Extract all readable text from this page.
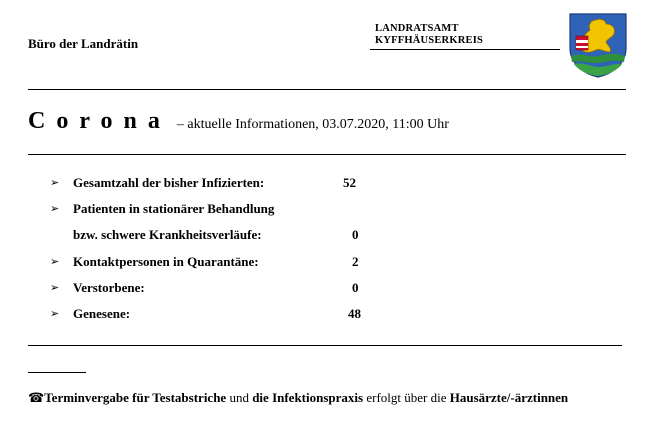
Büro der Landrätin
LANDRATSAMT
KYFFHÄUSERKREIS
Corona – aktuelle Informationen, 03.07.2020, 11:00 Uhr
➢ Gesamtzahl der bisher Infizierten:	52
➢ Patienten in stationärer Behandlung
bzw. schwere Krankheitsverläufe:	0
➢ Kontaktpersonen in Quarantäne:	2
➢ Verstorbene:	0
➢ Genesene:	48
☎Terminvergabe für Testabstriche und die Infektionspraxis erfolgt über die Hausärzte/-ärztinnen
